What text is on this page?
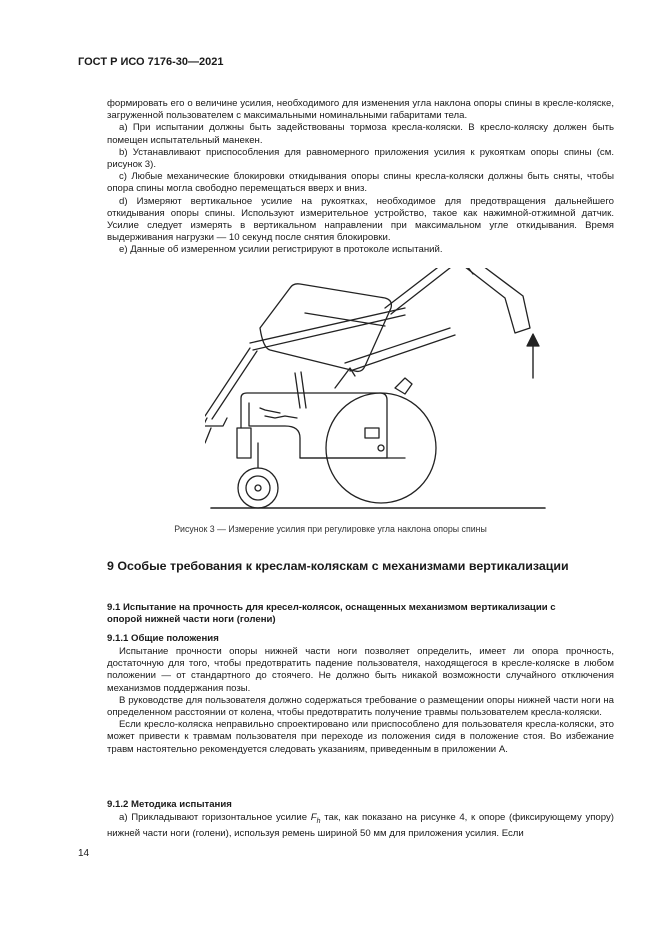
ГОСТ Р ИСО 7176-30—2021

формировать его о величине усилия, необходимого для изменения угла наклона опоры спины в кресле-коляске, загруженной пользователем с максимальными номинальными габаритами тела.

а) При испытании должны быть задействованы тормоза кресла-коляски. В кресло-коляску должен быть помещен испытательный манекен.

b) Устанавливают приспособления для равномерного приложения усилия к рукояткам опоры спины (см. рисунок 3).

c) Любые механические блокировки откидывания опоры спины кресла-коляски должны быть сняты, чтобы опора спины могла свободно перемещаться вверх и вниз.

d) Измеряют вертикальное усилие на рукоятках, необходимое для предотвращения дальнейшего откидывания опоры спины. Используют измерительное устройство, такое как нажимной-отжимной датчик. Усилие следует измерять в вертикальном направлении при максимальном угле откидывания. Время выдерживания нагрузки — 10 секунд после снятия блокировки.

е) Данные об измеренном усилии регистрируют в протоколе испытаний.

Рисунок 3 — Измерение усилия при регулировке угла наклона опоры спины
9 Особые требования к креслам-коляскам с механизмами вертикализации
9.1 Испытание на прочность для кресел-колясок, оснащенных механизмом вертикализации с опорой нижней части ноги (голени)
9.1.1 Общие положения

Испытание прочности опоры нижней части ноги позволяет определить, имеет ли опора прочность, достаточную для того, чтобы предотвратить падение пользователя, находящегося в кресле-коляске в любом положении — от стандартного до стоячего. Не должно быть никакой возможности случайного отключения механизмов поддержания позы.

В руководстве для пользователя должно содержаться требование о размещении опоры нижней части ноги на определенном расстоянии от колена, чтобы предотвратить получение травмы пользователем кресла-коляски.

Если кресло-коляска неправильно спроектировано или приспособлено для пользователя кресла-коляски, это может привести к травмам пользователя при переходе из положения сидя в положение стоя. Во избежание травм настоятельно рекомендуется следовать указаниям, приведенным в приложении А.

9.1.2 Методика испытания

а) Прикладывают горизонтальное усилие $F_h$ так, как показано на рисунке 4, к опоре (фиксирующему упору) нижней части ноги (голени), используя ремень шириной 50 мм для приложения усилия. Если

14
